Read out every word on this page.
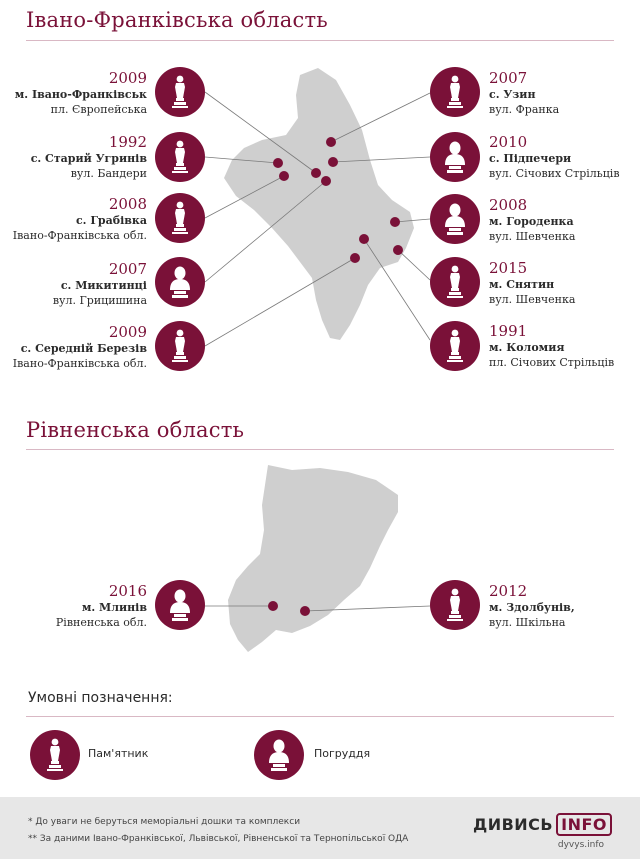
Івано-Франківська область
Рівненська область
2009
м. Івано-Франківськ
пл. Європейська
1992
с. Старий Угринів
вул. Бандери
2008
с. Грабівка
Івано-Франківська обл.
2007
с. Микитинці
вул. Грицишина
2009
с. Середній Березів
Івано-Франківська обл.
2007
с. Узин
вул. Франка
2010
с. Підпечери
вул. Січових Стрільців
2008
м. Городенка
вул. Шевченка
2015
м. Снятин
вул. Шевченка
1991
м. Коломия
пл. Січових Стрільців
2016
м. Млинів
Рівненська обл.
2012
м. Здолбунів,
вул. Шкільна
Умовні позначення:
Пам'ятник	Погруддя
* До уваги не беруться меморіальні дошки та комплекси
** За даними Івано-Франківської, Львівської, Рівненської та Тернопільської ОДА
ДИВИСЬ INFO
dyvys.info
